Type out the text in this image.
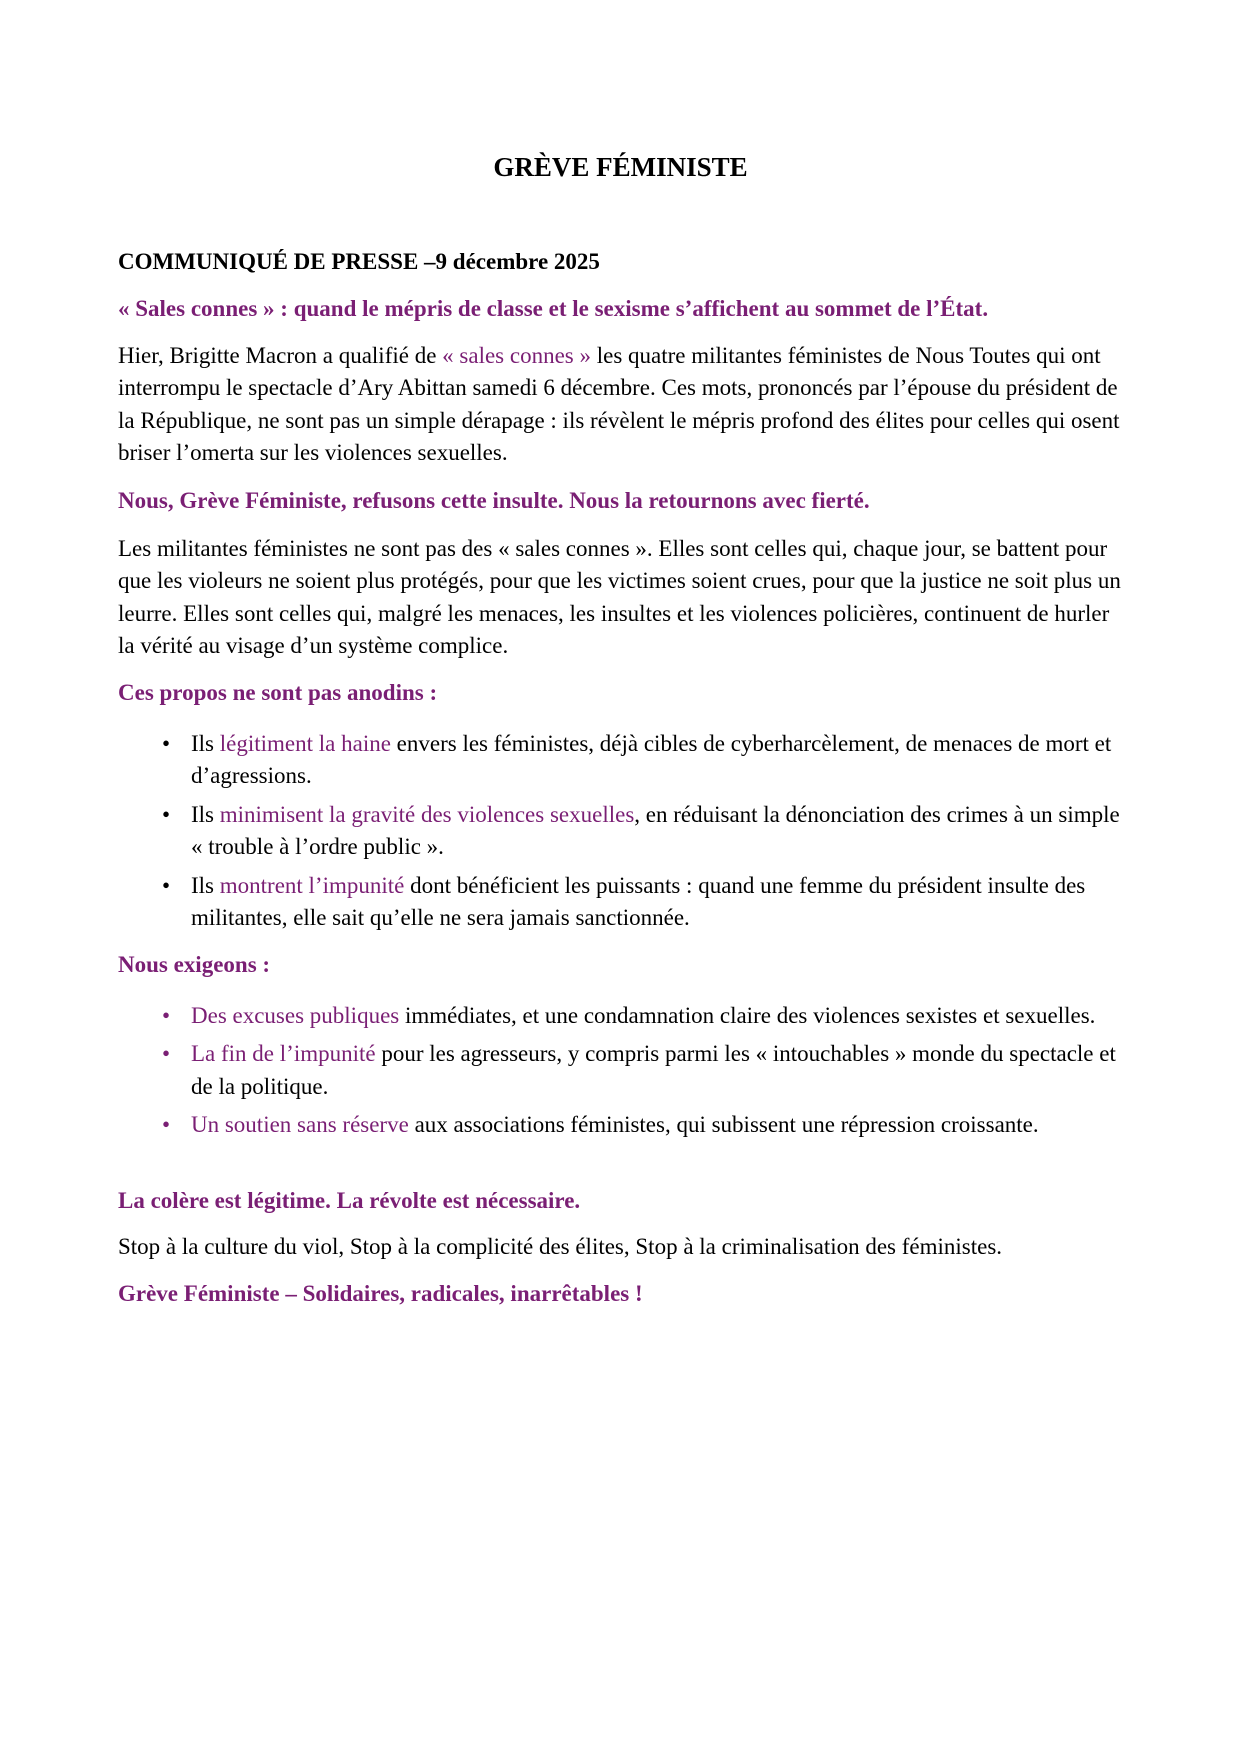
GRÈVE FÉMINISTE

COMMUNIQUÉ DE PRESSE –9 décembre 2025

« Sales connes » : quand le mépris de classe et le sexisme s’affichent au sommet de l’État.

Hier, Brigitte Macron a qualifié de « sales connes » les quatre militantes féministes de Nous Toutes qui ont interrompu le spectacle d’Ary Abittan samedi 6 décembre. Ces mots, prononcés par l’épouse du président de la République, ne sont pas un simple dérapage : ils révèlent le mépris profond des élites pour celles qui osent briser l’omerta sur les violences sexuelles.

Nous, Grève Féministe, refusons cette insulte. Nous la retournons avec fierté.

Les militantes féministes ne sont pas des « sales connes ». Elles sont celles qui, chaque jour, se battent pour que les violeurs ne soient plus protégés, pour que les victimes soient crues, pour que la justice ne soit plus un leurre. Elles sont celles qui, malgré les menaces, les insultes et les violences policières, continuent de hurler la vérité au visage d’un système complice.

Ces propos ne sont pas anodins :

• Ils légitiment la haine envers les féministes, déjà cibles de cyberharcèlement, de menaces de mort et d’agressions.
• Ils minimisent la gravité des violences sexuelles, en réduisant la dénonciation des crimes à un simple « trouble à l’ordre public ».
• Ils montrent l’impunité dont bénéficient les puissants : quand une femme du président insulte des militantes, elle sait qu’elle ne sera jamais sanctionnée.

Nous exigeons :

• Des excuses publiques immédiates, et une condamnation claire des violences sexistes et sexuelles.
• La fin de l’impunité pour les agresseurs, y compris parmi les « intouchables » monde du spectacle et de la politique.
• Un soutien sans réserve aux associations féministes, qui subissent une répression croissante.

La colère est légitime. La révolte est nécessaire.

Stop à la culture du viol, Stop à la complicité des élites, Stop à la criminalisation des féministes.

Grève Féministe – Solidaires, radicales, inarrêtables !
